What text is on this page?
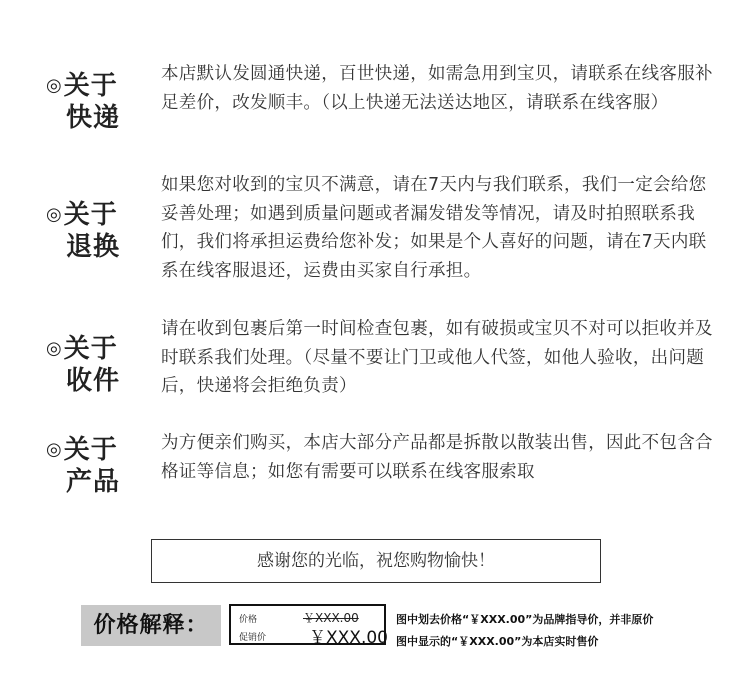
◎关于
快递

本店默认发圆通快递，百世快递，如需急用到宝贝，请联系在线客服补足差价，改发顺丰。（以上快递无法送达地区，请联系在线客服）

◎关于
退换

如果您对收到的宝贝不满意，请在7天内与我们联系，我们一定会给您妥善处理；如遇到质量问题或者漏发错发等情况，请及时拍照联系我们，我们将承担运费给您补发；如果是个人喜好的问题，请在7天内联系在线客服退还，运费由买家自行承担。

◎关于
收件

请在收到包裹后第一时间检查包裹，如有破损或宝贝不对可以拒收并及时联系我们处理。（尽量不要让门卫或他人代签，如他人验收，出问题后，快递将会拒绝负责）

◎关于
产品

为方便亲们购买，本店大部分产品都是拆散以散装出售，因此不包含合格证等信息；如您有需要可以联系在线客服索取

感谢您的光临，祝您购物愉快！
价格解释：	价格	￥XXX.00
促销价	￥XXX.00
图中划去价格“￥XXX.00”为品牌指导价，并非原价
图中显示的“￥XXX.00”为本店实时售价
